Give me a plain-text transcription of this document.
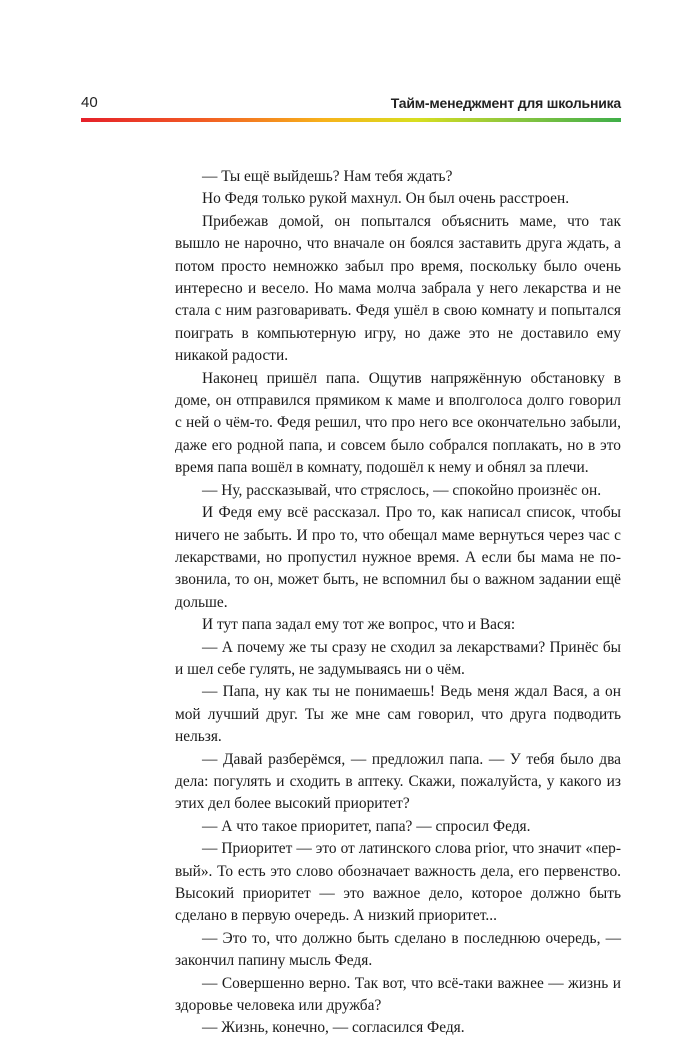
40	Тайм-менеджмент для школьника

— Ты ещё выйдешь? Нам тебя ждать?

Но Федя только рукой махнул. Он был очень расстроен.

Прибежав домой, он попытался объяснить маме, что так вышло не нарочно, что вначале он боялся заставить друга ждать, а потом просто немножко забыл про время, поскольку было очень интересно и весело. Но мама молча забрала у него лекарства и не стала с ним разговаривать. Федя ушёл в свою комнату и попытался поиграть в компьютерную игру, но даже это не доставило ему никакой радости.

Наконец пришёл папа. Ощутив напряжённую обстановку в доме, он отправился прямиком к маме и вполголоса долго говорил с ней о чём-то. Федя решил, что про него все окончательно забыли, даже его родной папа, и совсем было собрался поплакать, но в это время папа вошёл в комнату, подошёл к нему и обнял за плечи.

— Ну, рассказывай, что стряслось, — спокойно произнёс он.

И Федя ему всё рассказал. Про то, как написал список, чтобы ничего не забыть. И про то, что обещал маме вернуться через час с лекарствами, но пропустил нужное время. А если бы мама не позвонила, то он, может быть, не вспомнил бы о важном задании ещё дольше.

И тут папа задал ему тот же вопрос, что и Вася:

— А почему же ты сразу не сходил за лекарствами? Принёс бы и шел себе гулять, не задумываясь ни о чём.

— Папа, ну как ты не понимаешь! Ведь меня ждал Вася, а он мой лучший друг. Ты же мне сам говорил, что друга подводить нельзя.

— Давай разберёмся, — предложил папа. — У тебя было два дела: погулять и сходить в аптеку. Скажи, пожалуйста, у какого из этих дел более высокий приоритет?

— А что такое приоритет, папа? — спросил Федя.

— Приоритет — это от латинского слова prior, что значит «первый». То есть это слово обозначает важность дела, его первенство. Высокий приоритет — это важное дело, которое должно быть сделано в первую очередь. А низкий приоритет...

— Это то, что должно быть сделано в последнюю очередь, — закончил папину мысль Федя.

— Совершенно верно. Так вот, что всё-таки важнее — жизнь и здоровье человека или дружба?

— Жизнь, конечно, — согласился Федя.
